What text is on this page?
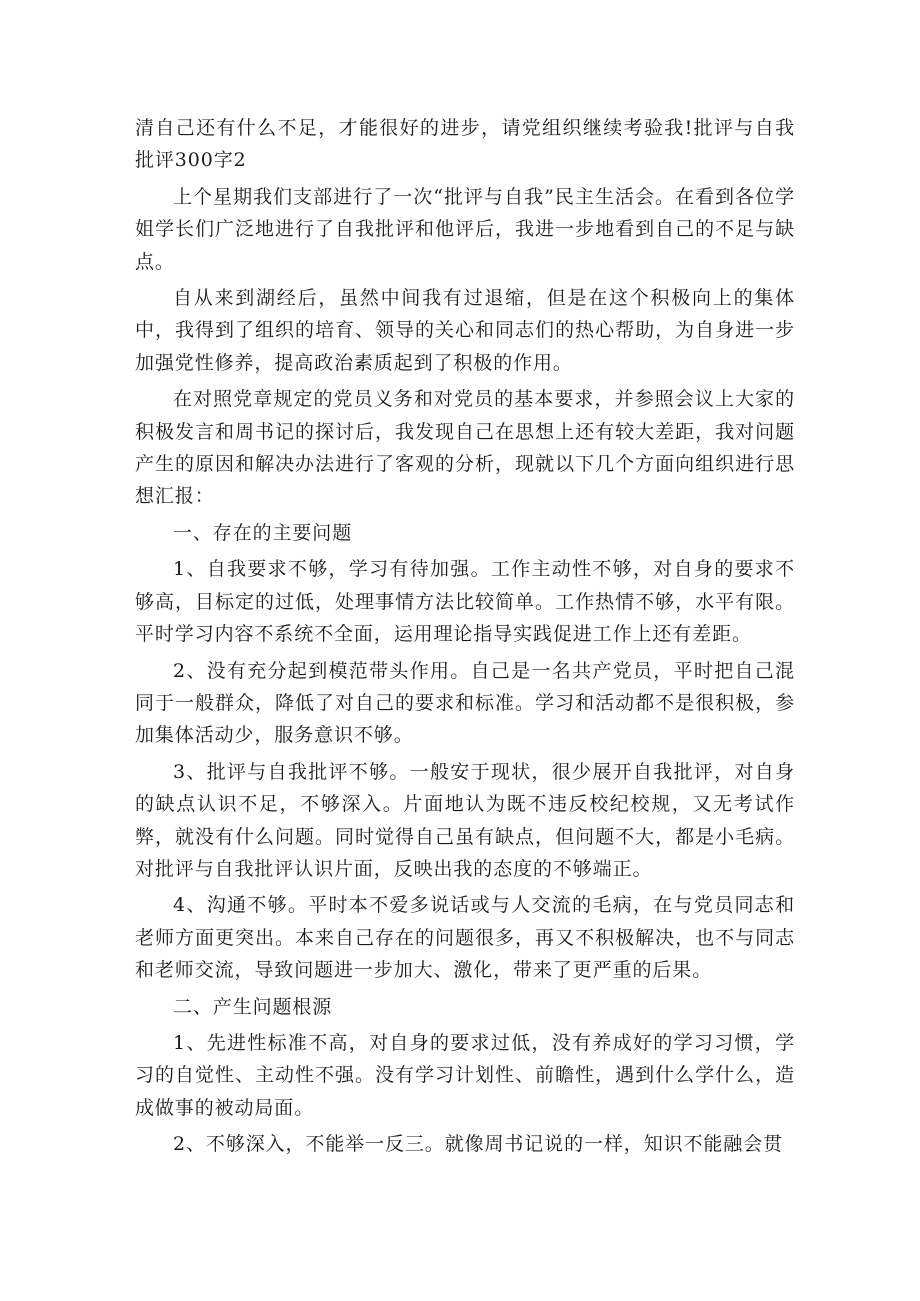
清自己还有什么不足，才能很好的进步，请党组织继续考验我!批评与自我批评300字2

上个星期我们支部进行了一次“批评与自我”民主生活会。在看到各位学姐学长们广泛地进行了自我批评和他评后，我进一步地看到自己的不足与缺点。

自从来到湖经后，虽然中间我有过退缩，但是在这个积极向上的集体中，我得到了组织的培育、领导的关心和同志们的热心帮助，为自身进一步加强党性修养，提高政治素质起到了积极的作用。

在对照党章规定的党员义务和对党员的基本要求，并参照会议上大家的积极发言和周书记的探讨后，我发现自己在思想上还有较大差距，我对问题产生的原因和解决办法进行了客观的分析，现就以下几个方面向组织进行思想汇报：

一、存在的主要问题

1、自我要求不够，学习有待加强。工作主动性不够，对自身的要求不够高，目标定的过低，处理事情方法比较简单。工作热情不够，水平有限。平时学习内容不系统不全面，运用理论指导实践促进工作上还有差距。

2、没有充分起到模范带头作用。自己是一名共产党员，平时把自己混同于一般群众，降低了对自己的要求和标准。学习和活动都不是很积极，参加集体活动少，服务意识不够。

3、批评与自我批评不够。一般安于现状，很少展开自我批评，对自身的缺点认识不足，不够深入。片面地认为既不违反校纪校规，又无考试作弊，就没有什么问题。同时觉得自己虽有缺点，但问题不大，都是小毛病。对批评与自我批评认识片面，反映出我的态度的不够端正。

4、沟通不够。平时本不爱多说话或与人交流的毛病，在与党员同志和老师方面更突出。本来自己存在的问题很多，再又不积极解决，也不与同志和老师交流，导致问题进一步加大、激化，带来了更严重的后果。

二、产生问题根源

1、先进性标准不高，对自身的要求过低，没有养成好的学习习惯，学习的自觉性、主动性不强。没有学习计划性、前瞻性，遇到什么学什么，造成做事的被动局面。

2、不够深入，不能举一反三。就像周书记说的一样，知识不能融会贯
